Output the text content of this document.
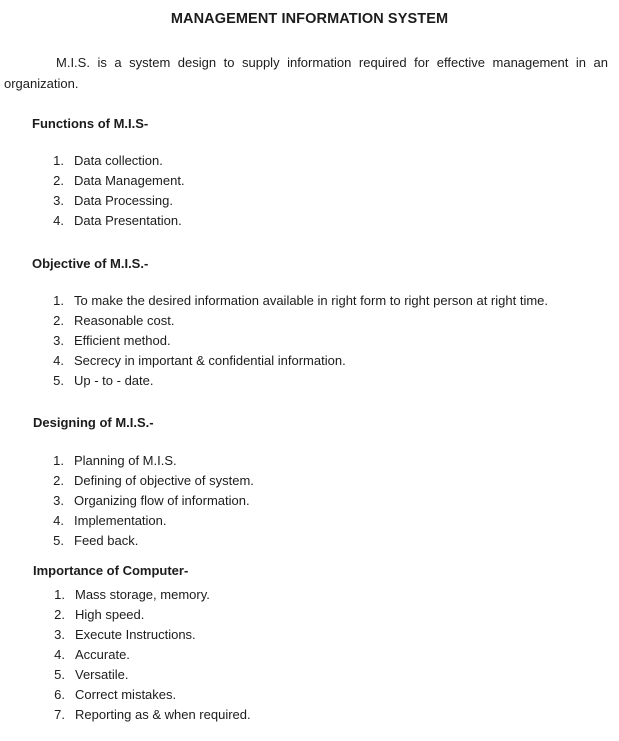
MANAGEMENT INFORMATION SYSTEM
M.I.S. is a system design to supply information required for effective management in an organization.
Functions of M.I.S-
1. Data collection.
2. Data Management.
3. Data Processing.
4. Data Presentation.
Objective of M.I.S.-
1. To make the desired information available in right form to right person at right time.
2. Reasonable cost.
3. Efficient method.
4. Secrecy in important & confidential information.
5. Up - to - date.
Designing of M.I.S.-
1. Planning of M.I.S.
2. Defining of objective of system.
3. Organizing flow of information.
4. Implementation.
5. Feed back.
Importance of Computer-
1. Mass storage, memory.
2. High speed.
3. Execute Instructions.
4. Accurate.
5. Versatile.
6. Correct mistakes.
7. Reporting as & when required.
